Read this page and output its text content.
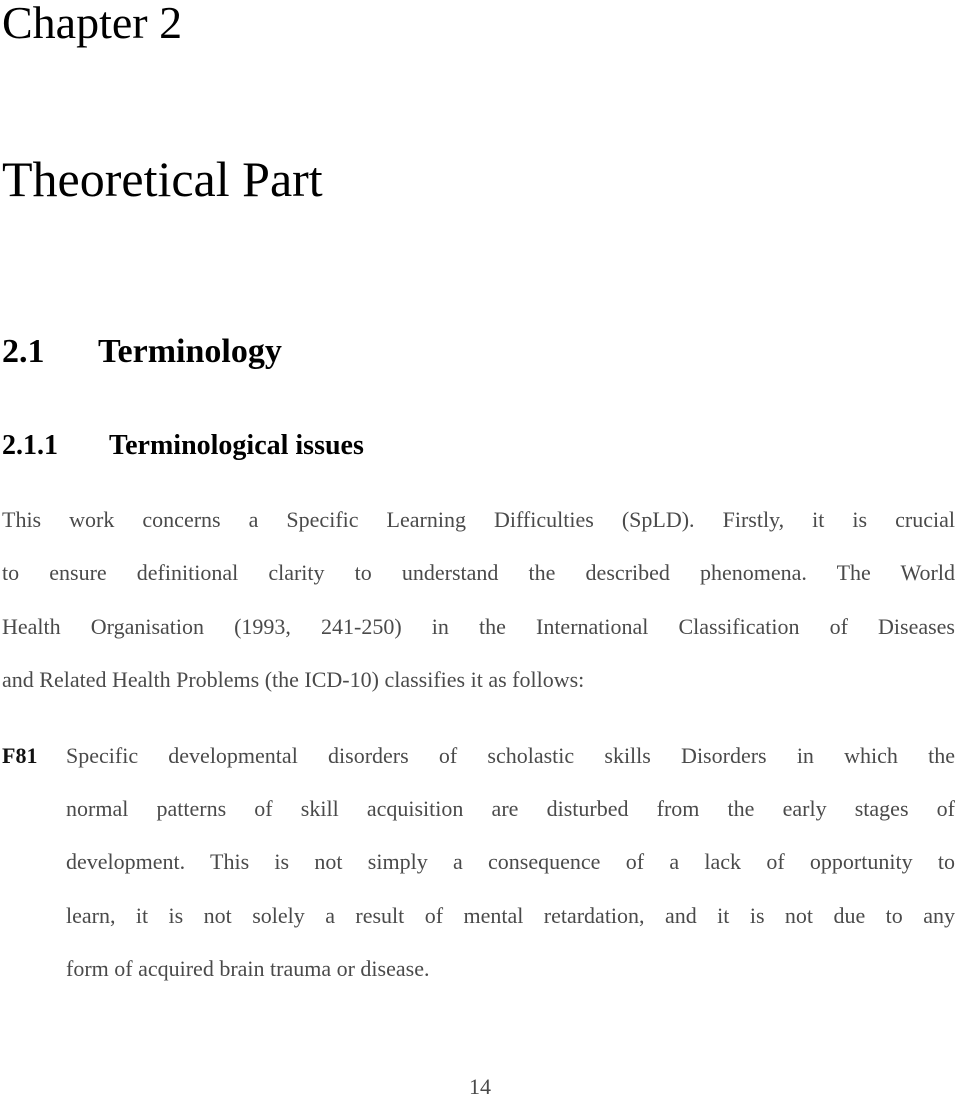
Chapter 2
Theoretical Part
2.1 Terminology
2.1.1 Terminological issues
This work concerns a Specific Learning Difficulties (SpLD). Firstly, it is crucial
to ensure definitional clarity to understand the described phenomena. The World
Health Organisation (1993, 241-250) in the International Classification of Diseases
and Related Health Problems (the ICD-10) classifies it as follows:
F81	Specific developmental disorders of scholastic skills Disorders in which the
normal patterns of skill acquisition are disturbed from the early stages of
development. This is not simply a consequence of a lack of opportunity to
learn, it is not solely a result of mental retardation, and it is not due to any
form of acquired brain trauma or disease.
14
